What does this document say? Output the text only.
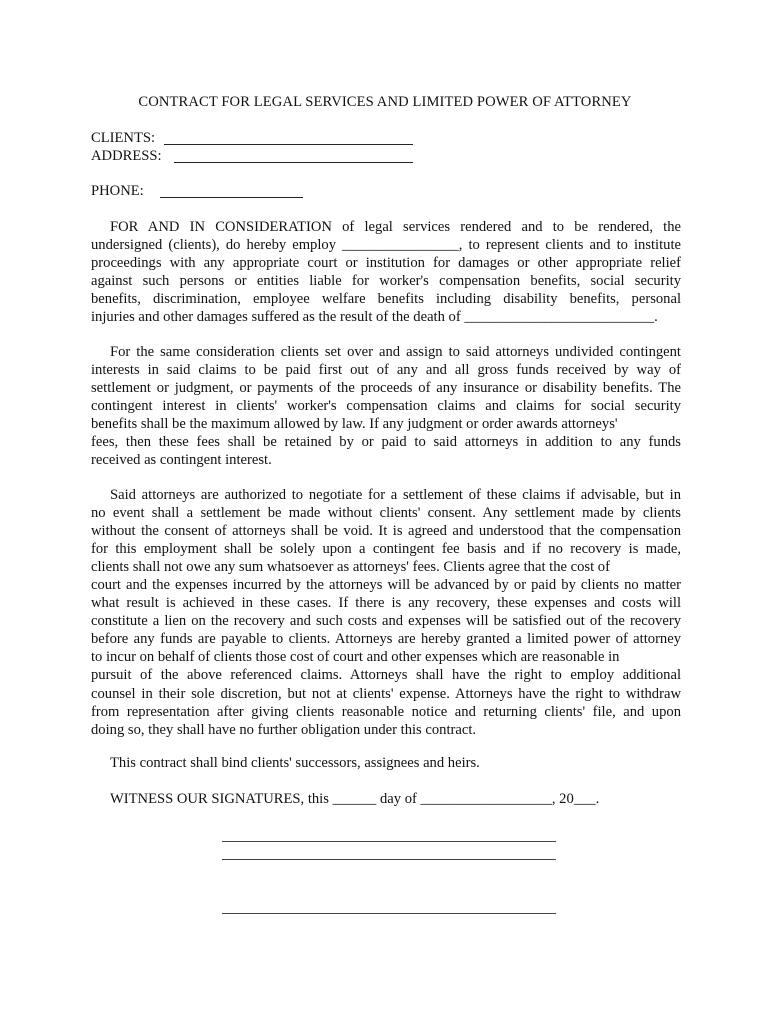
CONTRACT FOR LEGAL SERVICES AND LIMITED POWER OF ATTORNEY
CLIENTS:
ADDRESS:
PHONE:
FOR AND IN CONSIDERATION of legal services rendered and to be rendered, the
undersigned (clients), do hereby employ ________________, to represent clients and to institute
proceedings with any appropriate court or institution for damages or other appropriate relief
against such persons or entities liable for worker's compensation benefits, social security
benefits, discrimination, employee welfare benefits including disability benefits, personal
injuries and other damages suffered as the result of the death of __________________________.
For the same consideration clients set over and assign to said attorneys undivided contingent
interests in said claims to be paid first out of any and all gross funds received by way of
settlement or judgment, or payments of the proceeds of any insurance or disability benefits. The
contingent interest in clients' worker's compensation claims and claims for social security
benefits shall be the maximum allowed by law. If any judgment or order awards attorneys'
fees, then these fees shall be retained by or paid to said attorneys in addition to any funds
received as contingent interest.
Said attorneys are authorized to negotiate for a settlement of these claims if advisable, but in
no event shall a settlement be made without clients' consent. Any settlement made by clients
without the consent of attorneys shall be void. It is agreed and understood that the compensation
for this employment shall be solely upon a contingent fee basis and if no recovery is made,
clients shall not owe any sum whatsoever as attorneys' fees. Clients agree that the cost of
court and the expenses incurred by the attorneys will be advanced by or paid by clients no matter
what result is achieved in these cases. If there is any recovery, these expenses and costs will
constitute a lien on the recovery and such costs and expenses will be satisfied out of the recovery
before any funds are payable to clients. Attorneys are hereby granted a limited power of attorney
to incur on behalf of clients those cost of court and other expenses which are reasonable in
pursuit of the above referenced claims. Attorneys shall have the right to employ additional
counsel in their sole discretion, but not at clients' expense. Attorneys have the right to withdraw
from representation after giving clients reasonable notice and returning clients' file, and upon
doing so, they shall have no further obligation under this contract.
This contract shall bind clients' successors, assignees and heirs.
WITNESS OUR SIGNATURES, this ______ day of __________________, 20___.
